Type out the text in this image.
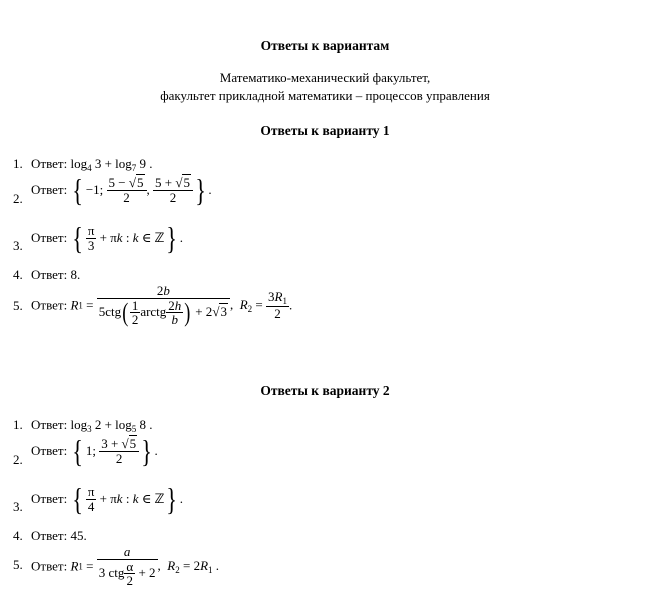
Ответы к вариантам
Математико-механический факультет,
факультет прикладной математики – процессов управления
Ответы к варианту 1
1. Ответ: $\log_4 3 + \log_7 9$ .
2.
Ответ: { −1; $\frac{5 - √5}{2}$ , $\frac{5 + √5}{2}$ } .
3.
Ответ: { $\frac{\pi}{3} + \pi k$ : k ∈ ℤ} .
4. Ответ: 8.
5. Ответ: $R1 = \frac{2b}{5ctg( \frac{1}{2} arctg \frac{2h}{b} ) + 2√3}$ ,  $R_2 = \frac{3R_1}{2}$ .
Ответы к варианту 2
1. Ответ: $\log_3 2 + \log_5 8$ .
2.
Ответ: { 1; $\frac{3 + √5}{2}$ } .
3.
Ответ: { $\frac{\pi}{4} + \pi k$ : k ∈ ℤ} .
4. Ответ: 45.
5. Ответ: $R1 = \frac{a}{3 ctg \frac{\alpha}{2} + 2}$ ,  $R_2 = 2R_1$ .
